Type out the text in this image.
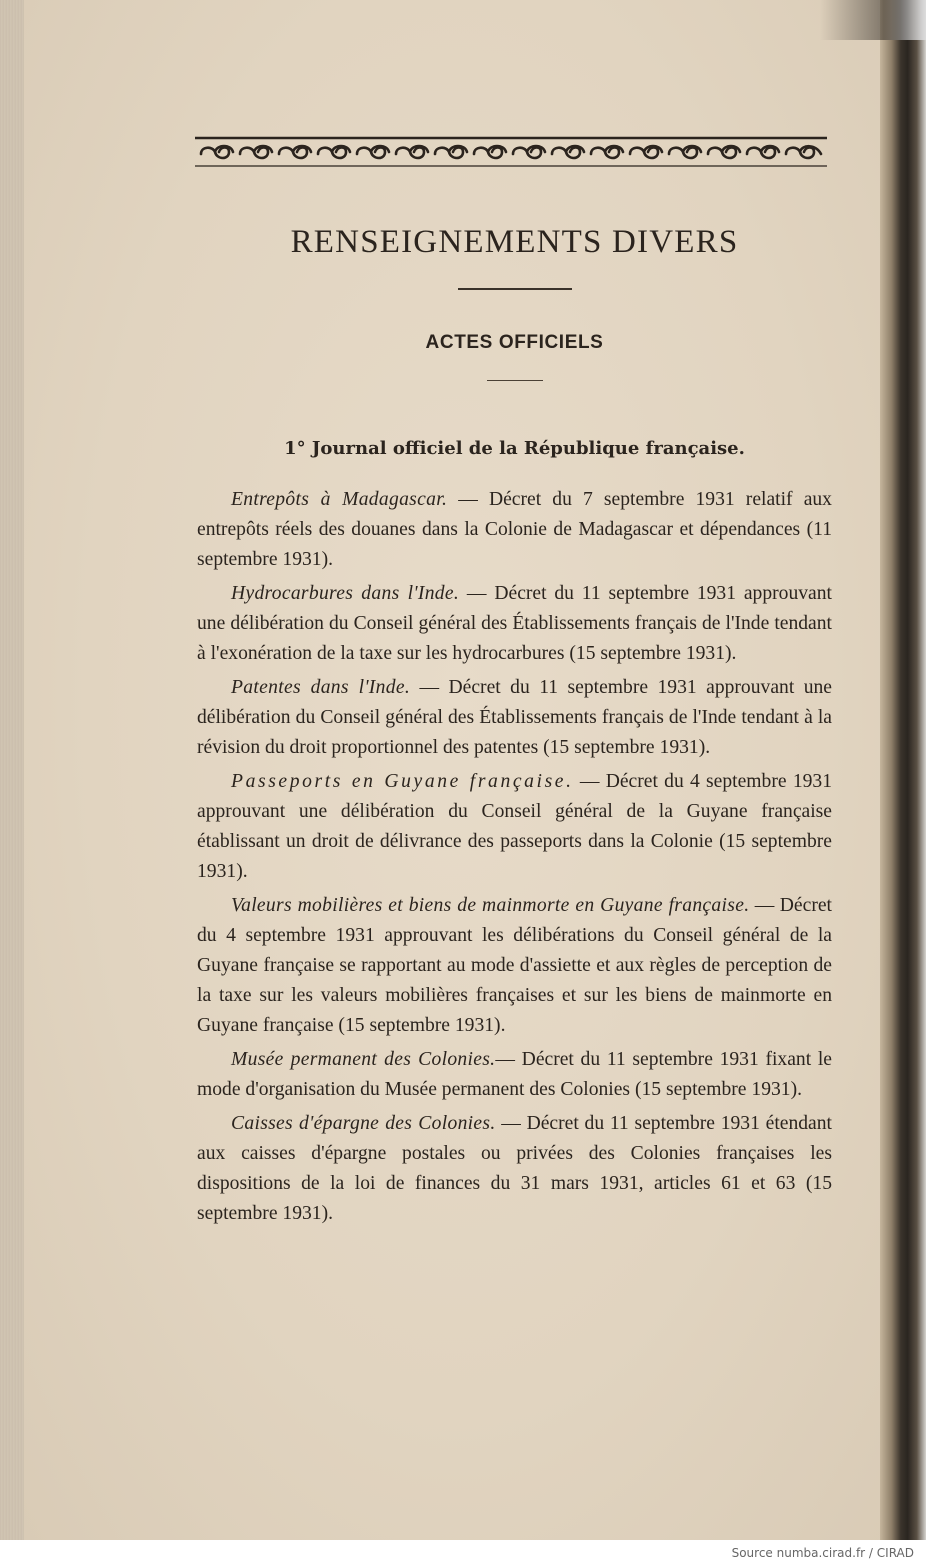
RENSEIGNEMENTS DIVERS
ACTES OFFICIELS
1° Journal officiel de la République française.

Entrepôts à Madagascar. — Décret du 7 septembre 1931 relatif aux entrepôts réels des douanes dans la Colonie de Madagascar et dépendances (11 septembre 1931).

Hydrocarbures dans l'Inde. — Décret du 11 septembre 1931 approuvant une délibération du Conseil général des Établissements français de l'Inde tendant à l'exonération de la taxe sur les hydrocarbures (15 septembre 1931).

Patentes dans l'Inde. — Décret du 11 septembre 1931 approuvant une délibération du Conseil général des Établissements français de l'Inde tendant à la révision du droit proportionnel des patentes (15 septembre 1931).

Passeports en Guyane française. — Décret du 4 septembre 1931 approuvant une délibération du Conseil général de la Guyane française établissant un droit de délivrance des passeports dans la Colonie (15 septembre 1931).

Valeurs mobilières et biens de mainmorte en Guyane française. — Décret du 4 septembre 1931 approuvant les délibérations du Conseil général de la Guyane française se rapportant au mode d'assiette et aux règles de perception de la taxe sur les valeurs mobilières françaises et sur les biens de mainmorte en Guyane française (15 septembre 1931).

Musée permanent des Colonies.— Décret du 11 septembre 1931 fixant le mode d'organisation du Musée permanent des Colonies (15 septembre 1931).

Caisses d'épargne des Colonies. — Décret du 11 septembre 1931 étendant aux caisses d'épargne postales ou privées des Colonies françaises les dispositions de la loi de finances du 31 mars 1931, articles 61 et 63 (15 septembre 1931).

Source numba.cirad.fr / CIRAD
